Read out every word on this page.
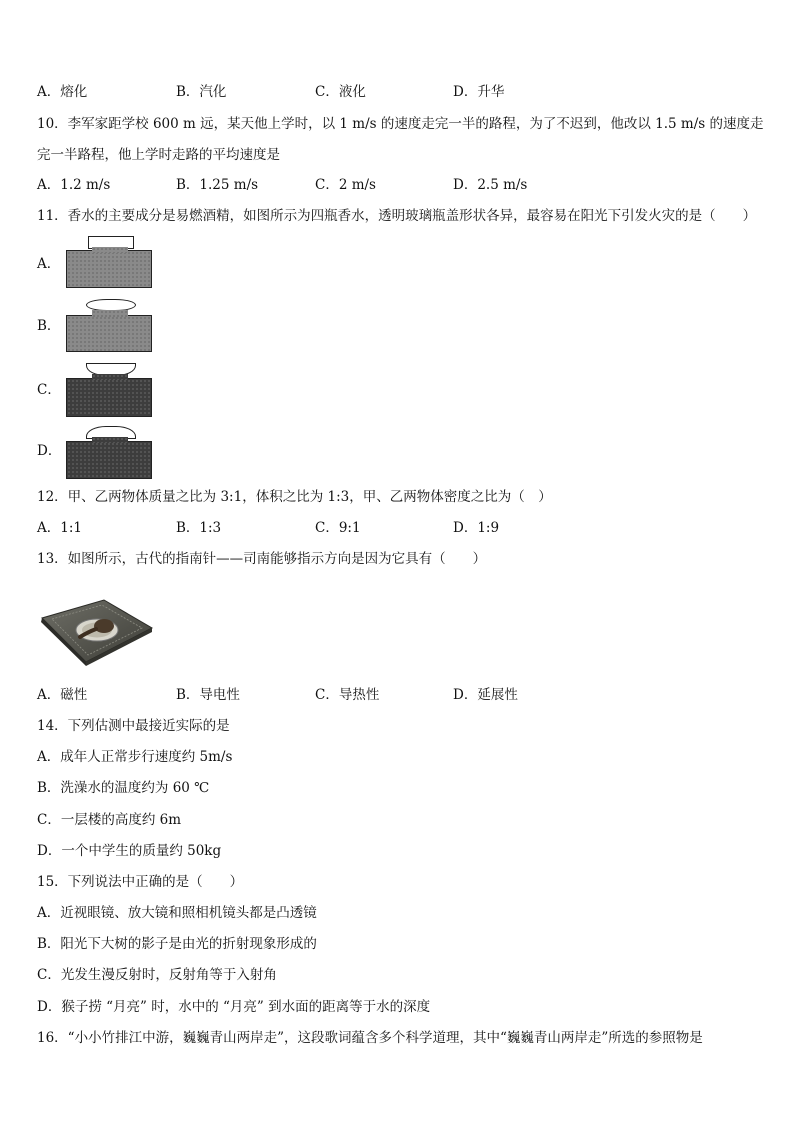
A．熔化	B．汽化	C．液化	D．升华
10．李军家距学校 600 m 远，某天他上学时，以 1 m/s 的速度走完一半的路程，为了不迟到，他改以 1.5 m/s 的速度走
完一半路程，他上学时走路的平均速度是
A．1.2 m/s	B．1.25 m/s	C．2 m/s	D．2.5 m/s
11．香水的主要成分是易燃酒精，如图所示为四瓶香水，透明玻璃瓶盖形状各异，最容易在阳光下引发火灾的是（　　）
A．
B．
C．
D．
12．甲、乙两物体质量之比为 3:1，体积之比为 1:3，甲、乙两物体密度之比为（　）
A．1:1	B．1:3	C．9:1	D．1:9
13．如图所示，古代的指南针——司南能够指示方向是因为它具有（　　）
A．磁性	B．导电性	C．导热性	D．延展性
14．下列估测中最接近实际的是
A．成年人正常步行速度约 5m/s
B．洗澡水的温度约为 60 ℃
C．一层楼的高度约 6m
D．一个中学生的质量约 50kg
15．下列说法中正确的是（　　）
A．近视眼镜、放大镜和照相机镜头都是凸透镜
B．阳光下大树的影子是由光的折射现象形成的
C．光发生漫反射时，反射角等于入射角
D．猴子捞 “月亮” 时，水中的 “月亮” 到水面的距离等于水的深度
16．“小小竹排江中游，巍巍青山两岸走”，这段歌词蕴含多个科学道理，其中“巍巍青山两岸走”所选的参照物是
